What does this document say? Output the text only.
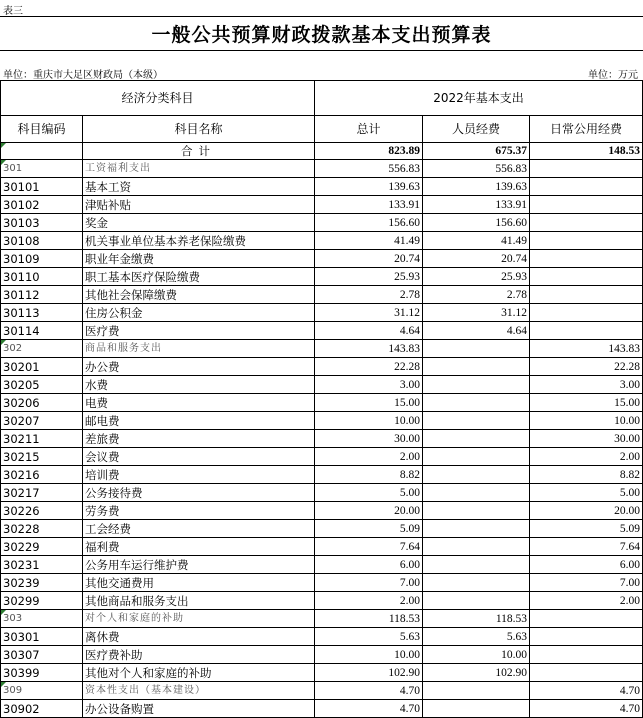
表三
一般公共预算财政拨款基本支出预算表
单位：重庆市大足区财政局（本级）	单位：万元
经济分类科目		2022年基本支出		
科目编码	科目名称	总计	人员经费	日常公用经费
	合计	823.89	675.37	148.53
301	工资福利支出	556.83	556.83	
30101	基本工资	139.63	139.63	
30102	津贴补贴	133.91	133.91	
30103	奖金	156.60	156.60	
30108	机关事业单位基本养老保险缴费	41.49	41.49	
30109	职业年金缴费	20.74	20.74	
30110	职工基本医疗保险缴费	25.93	25.93	
30112	其他社会保障缴费	2.78	2.78	
30113	住房公积金	31.12	31.12	
30114	医疗费	4.64	4.64	
302	商品和服务支出	143.83		143.83
30201	办公费	22.28		22.28
30205	水费	3.00		3.00
30206	电费	15.00		15.00
30207	邮电费	10.00		10.00
30211	差旅费	30.00		30.00
30215	会议费	2.00		2.00
30216	培训费	8.82		8.82
30217	公务接待费	5.00		5.00
30226	劳务费	20.00		20.00
30228	工会经费	5.09		5.09
30229	福利费	7.64		7.64
30231	公务用车运行维护费	6.00		6.00
30239	其他交通费用	7.00		7.00
30299	其他商品和服务支出	2.00		2.00
303	对个人和家庭的补助	118.53	118.53	
30301	离休费	5.63	5.63	
30307	医疗费补助	10.00	10.00	
30399	其他对个人和家庭的补助	102.90	102.90	
309	资本性支出（基本建设）	4.70		4.70
30902	办公设备购置	4.70		4.70
